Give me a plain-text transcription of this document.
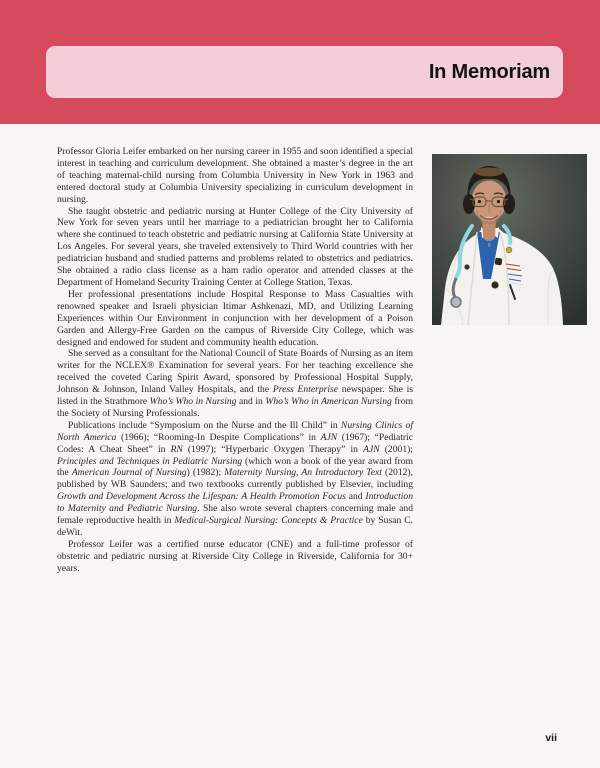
In Memoriam

Professor Gloria Leifer embarked on her nursing career in 1955 and soon identified a special interest in teaching and curriculum development. She obtained a master’s degree in the art of teaching maternal-child nursing from Columbia University in New York in 1963 and entered doctoral study at Columbia University specializing in curriculum development in nursing.

She taught obstetric and pediatric nursing at Hunter College of the City University of New York for seven years until her marriage to a pediatrician brought her to California where she continued to teach obstetric and pediatric nursing at California State University at Los Angeles. For several years, she traveled extensively to Third World countries with her pediatrician husband and studied patterns and problems related to obstetrics and pediatrics. She obtained a radio class license as a ham radio operator and attended classes at the Department of Homeland Security Training Center at College Station, Texas.

Her professional presentations include Hospital Response to Mass Casualties with renowned speaker and Israeli physician Itimar Ashkenazi, MD, and Utilizing Learning Experiences within Our Environment in conjunction with her development of a Poison Garden and Allergy-Free Garden on the campus of Riverside City College, which was designed and endowed for student and community health education.

She served as a consultant for the National Council of State Boards of Nursing as an item writer for the NCLEX® Examination for several years. For her teaching excellence she received the coveted Caring Spirit Award, sponsored by Professional Hospital Supply, Johnson & Johnson, Inland Valley Hospitals, and the Press Enterprise newspaper. She is listed in the Strathmore Who’s Who in Nursing and in Who’s Who in American Nursing from the Society of Nursing Professionals.

Publications include “Symposium on the Nurse and the Ill Child” in Nursing Clinics of North America (1966); “Rooming-In Despite Complications” in AJN (1967); “Pediatric Codes: A Cheat Sheet” in RN (1997); “Hyperbaric Oxygen Therapy” in AJN (2001); Principles and Techniques in Pediatric Nursing (which won a book of the year award from the American Journal of Nursing) (1982); Maternity Nursing, An Introductory Text (2012), published by WB Saunders; and two textbooks currently published by Elsevier, including Growth and Development Across the Lifespan: A Health Promotion Focus and Introduction to Maternity and Pediatric Nursing. She also wrote several chapters concerning male and female reproductive health in Medical-Surgical Nursing: Concepts & Practice by Susan C. deWit.

Professor Leifer was a certified nurse educator (CNE) and a full-time professor of obstetric and pediatric nursing at Riverside City College in Riverside, California for 30+ years.

vii
